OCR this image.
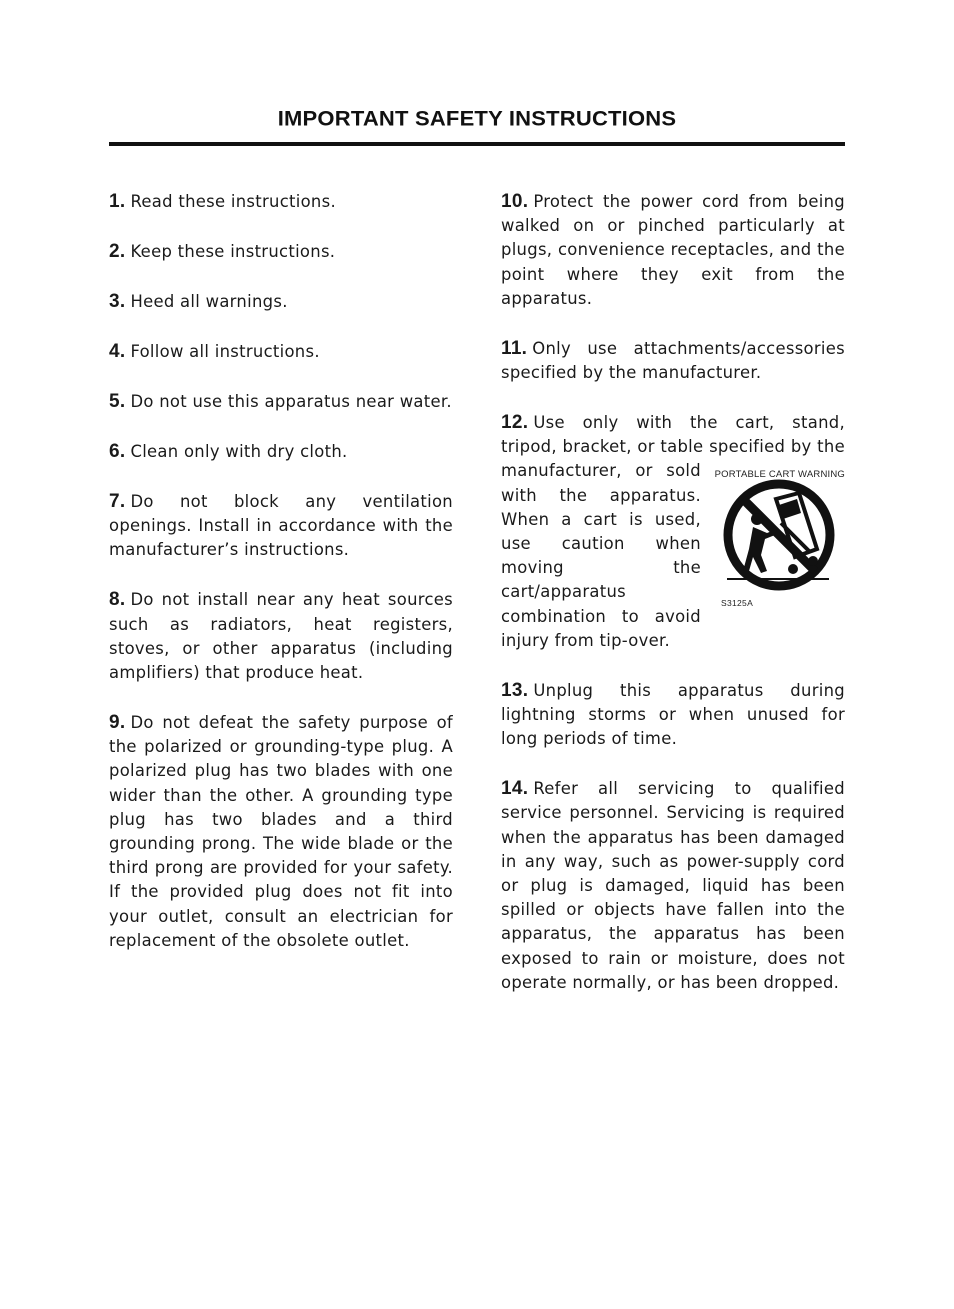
IMPORTANT SAFETY INSTRUCTIONS

1. Read these instructions.

2. Keep these instructions.

3. Heed all warnings.

4. Follow all instructions.

5. Do not use this apparatus near water.

6. Clean only with dry cloth.

7. Do not block any ventilation openings. Install in accordance with the manufacturer’s instructions.

8. Do not install near any heat sources such as radiators, heat registers, stoves, or other apparatus (including amplifiers) that produce heat.

9. Do not defeat the safety purpose of the polarized or grounding-type plug. A polarized plug has two blades with one wider than the other. A grounding type plug has two blades and a third grounding prong. The wide blade or the third prong are provided for your safety. If the provided plug does not fit into your outlet, consult an electrician for replacement of the obsolete outlet.

10. Protect the power cord from being walked on or pinched particularly at plugs, convenience receptacles, and the point where they exit from the apparatus.

11. Only use attachments/accessories specified by the manufacturer.

12. Use only with the cart, stand, tripod, bracket, or table specified by the
PORTABLE CART WARNING
S3125A
manufacturer, or sold with the apparatus. When a cart is used, use caution when moving the cart/apparatus combination to avoid injury from tip-over.

13. Unplug this apparatus during lightning storms or when unused for long periods of time.

14. Refer all servicing to qualified service personnel. Servicing is required when the apparatus has been damaged in any way, such as power-supply cord or plug is damaged, liquid has been spilled or objects have fallen into the apparatus, the apparatus has been exposed to rain or moisture, does not operate normally, or has been dropped.
